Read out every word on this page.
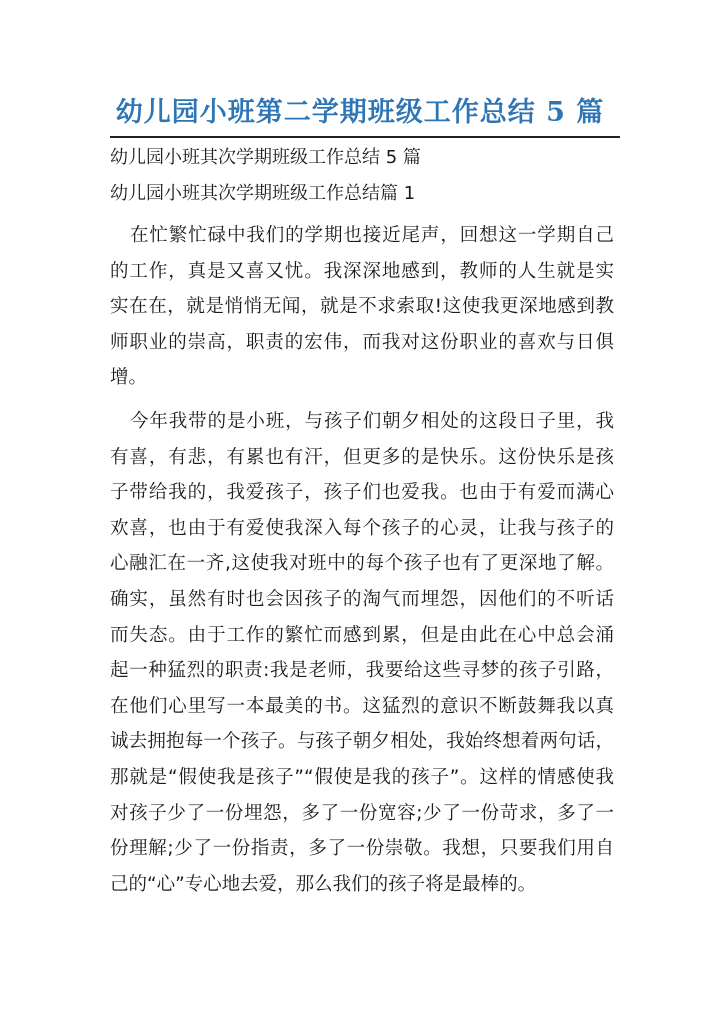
幼儿园小班第二学期班级工作总结 5 篇
幼儿园小班其次学期班级工作总结 5 篇
幼儿园小班其次学期班级工作总结篇 1
在忙繁忙碌中我们的学期也接近尾声，回想这一学期自己
的工作，真是又喜又忧。我深深地感到，教师的人生就是实
实在在，就是悄悄无闻，就是不求索取!这使我更深地感到教
师职业的崇高，职责的宏伟，而我对这份职业的喜欢与日俱
增。
今年我带的是小班，与孩子们朝夕相处的这段日子里，我
有喜，有悲，有累也有汗，但更多的是快乐。这份快乐是孩
子带给我的，我爱孩子，孩子们也爱我。也由于有爱而满心
欢喜，也由于有爱使我深入每个孩子的心灵，让我与孩子的
心融汇在一齐,这使我对班中的每个孩子也有了更深地了解。
确实，虽然有时也会因孩子的淘气而埋怨，因他们的不听话
而失态。由于工作的繁忙而感到累，但是由此在心中总会涌
起一种猛烈的职责:我是老师，我要给这些寻梦的孩子引路，
在他们心里写一本最美的书。这猛烈的意识不断鼓舞我以真
诚去拥抱每一个孩子。与孩子朝夕相处，我始终想着两句话，
那就是“假使我是孩子”“假使是我的孩子”。这样的情感使我
对孩子少了一份埋怨，多了一份宽容;少了一份苛求，多了一
份理解;少了一份指责，多了一份崇敬。我想，只要我们用自
己的“心”专心地去爱，那么我们的孩子将是最棒的。
